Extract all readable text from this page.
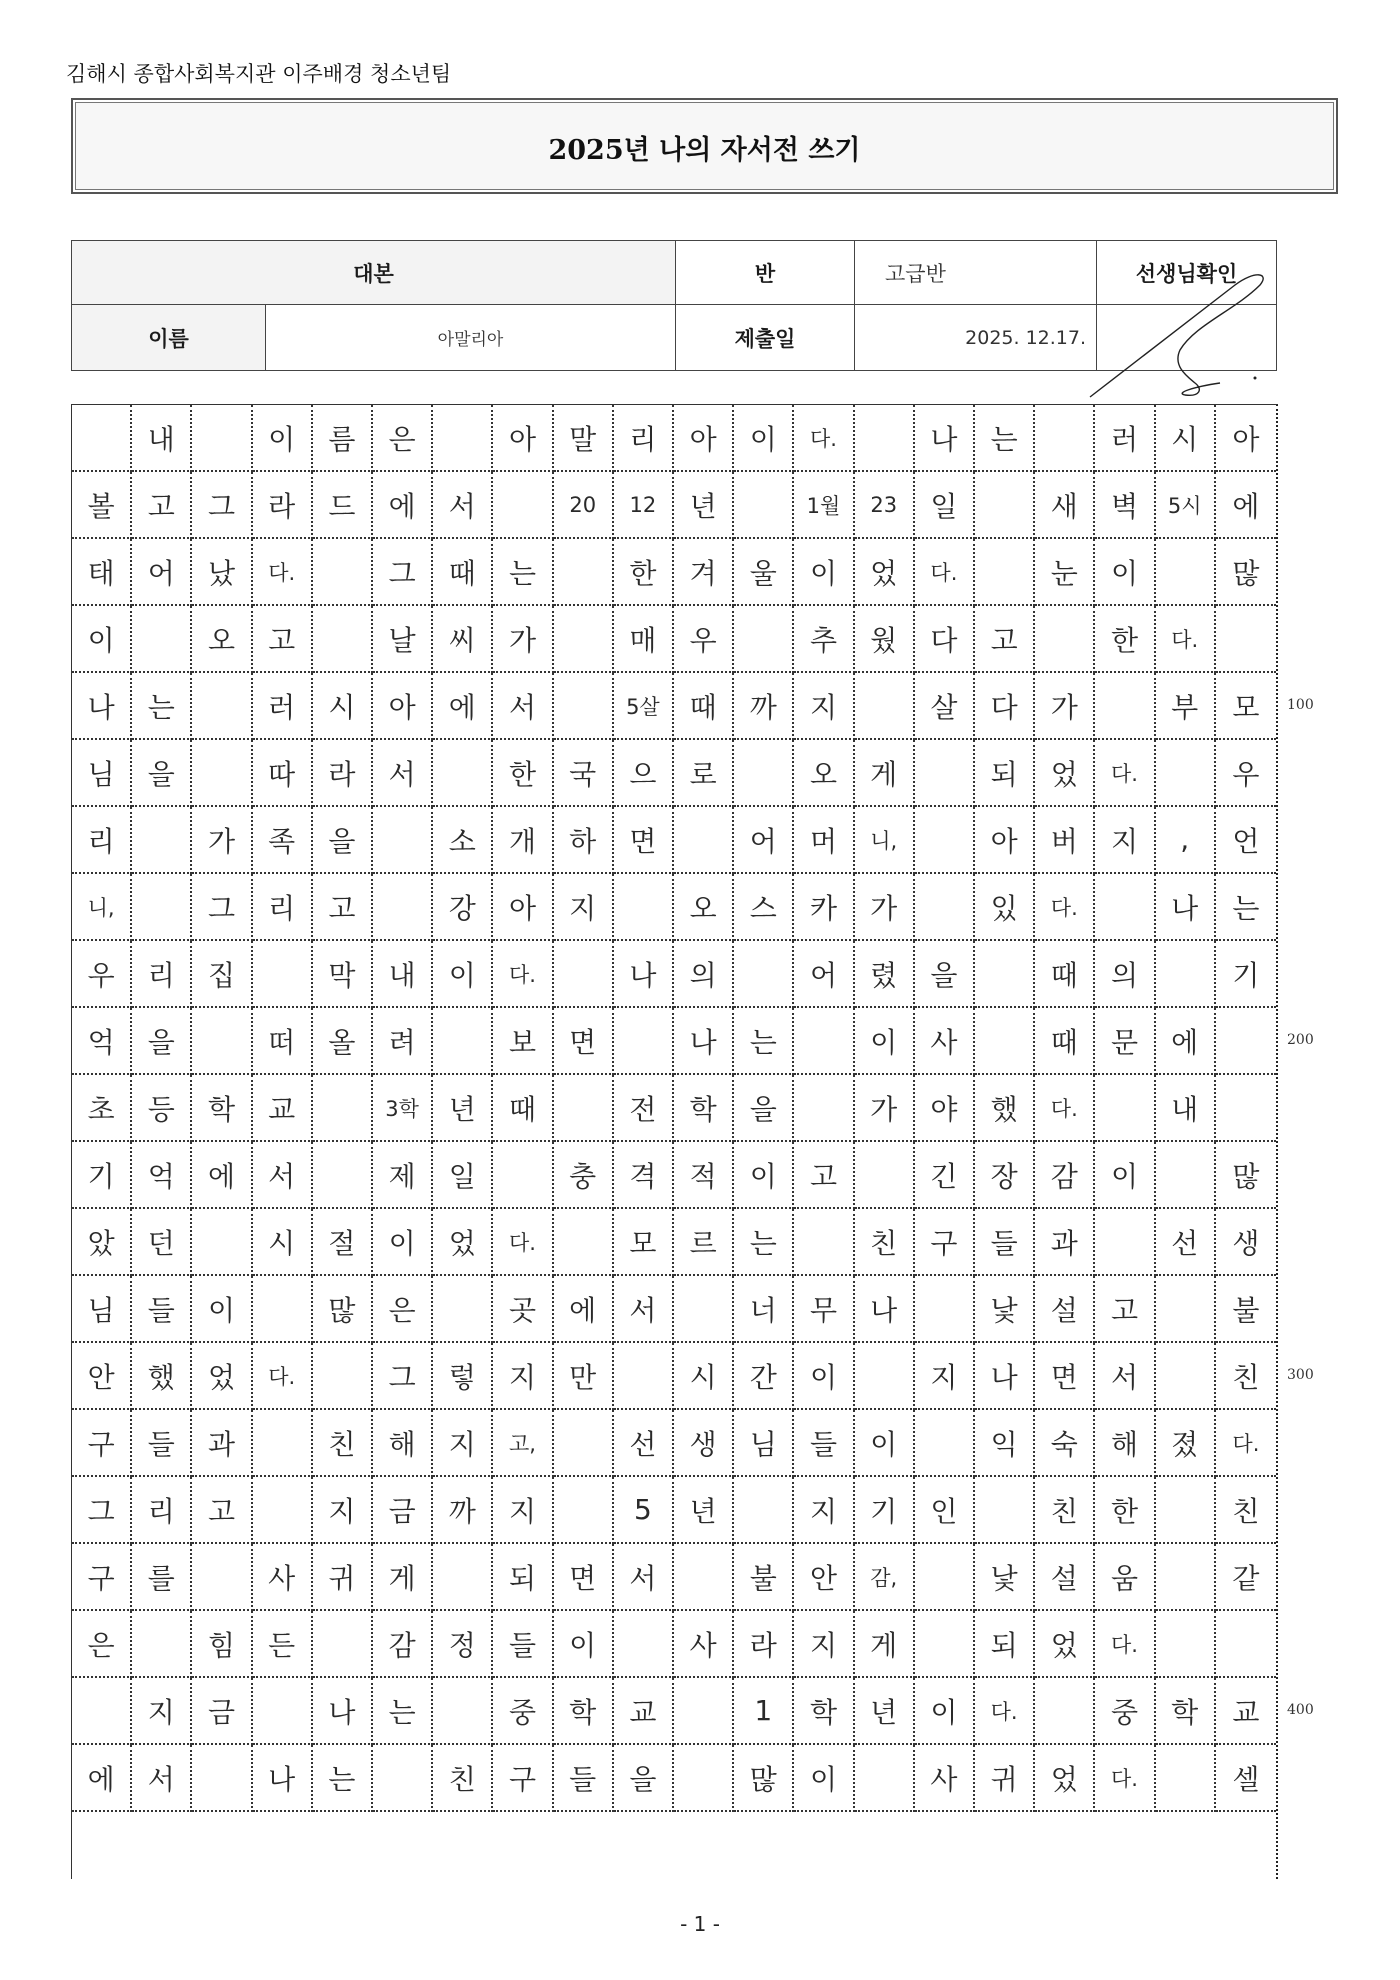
김해시 종합사회복지관 이주배경 청소년팀
2025년 나의 자서전 쓰기
대본		반	고급반	선생님확인
이름	아말리아	제출일	2025. 12.17.	
내	이	름	은	아	말	리	아	이	다.	나	는	러	시	아
볼	고	그	라	드	에	서	20	12	년	1월	23	일	새	벽	5시	에
태	어	났	다.	그	때	는	한	겨	울	이	었	다.	눈	이	많
이	오	고	날	씨	가	매	우	추	웠	다	고	한	다.
나	는	러	시	아	에	서	5살	때	까	지	살	다	가	부	모
님	을	따	라	서	한	국	으	로	오	게	되	었	다.	우
리	가	족	을	소	개	하	면	어	머	니,	아	버	지	,	언
니,	그	리	고	강	아	지	오	스	카	가	있	다.	나	는
우	리	집	막	내	이	다.	나	의	어	렸	을	때	의	기
억	을	떠	올	려	보	면	나	는	이	사	때	문	에
초	등	학	교	3학	년	때	전	학	을	가	야	했	다.	내
기	억	에	서	제	일	충	격	적	이	고	긴	장	감	이	많
았	던	시	절	이	었	다.	모	르	는	친	구	들	과	선	생
님	들	이	많	은	곳	에	서	너	무	나	낯	설	고	불
안	했	었	다.	그	렇	지	만	시	간	이	지	나	면	서	친
구	들	과	친	해	지	고,	선	생	님	들	이	익	숙	해	졌	다.
그	리	고	지	금	까	지	5	년	지	기	인	친	한	친
구	를	사	귀	게	되	면	서	불	안	감,	낯	설	움	같
은	힘	든	감	정	들	이	사	라	지	게	되	었	다.
지	금	나	는	중	학	교	1	학	년	이	다.	중	학	교
에	서	나	는	친	구	들	을	많	이	사	귀	었	다.	셀
100
200
300
400
- 1 -
